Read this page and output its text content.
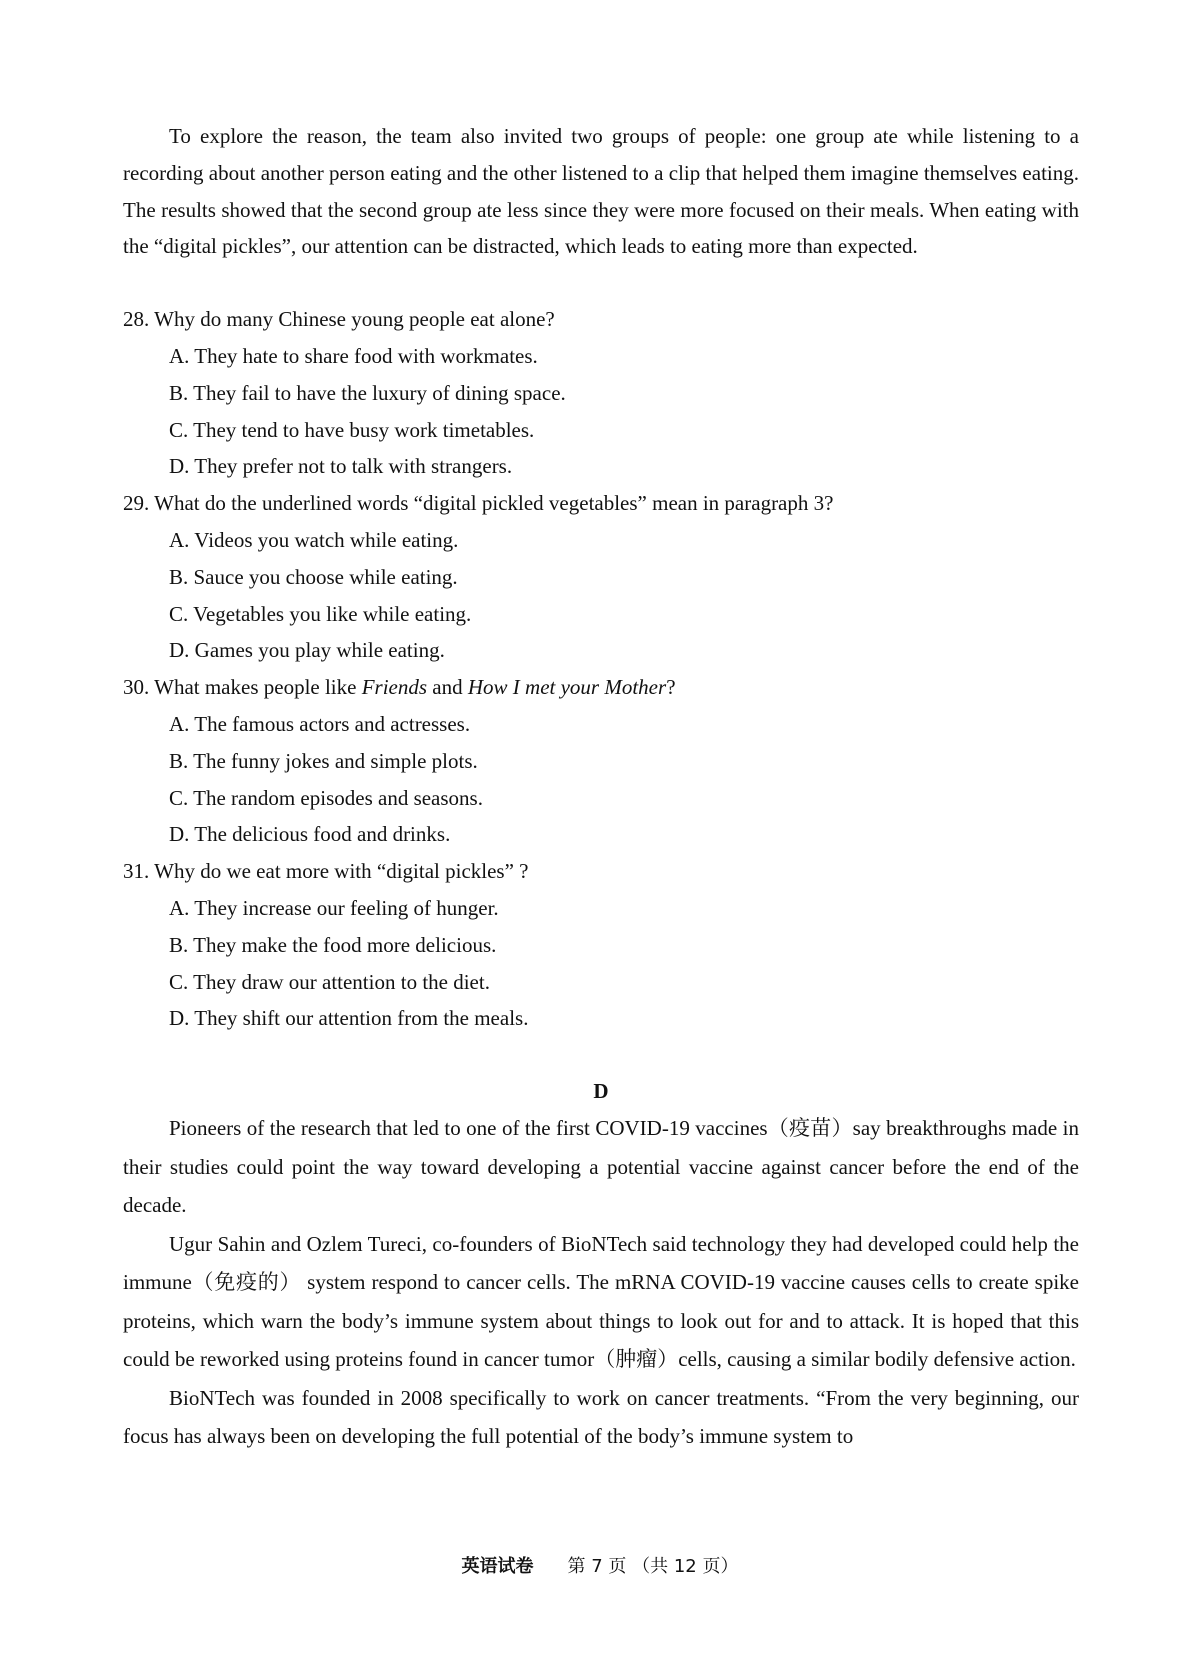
To explore the reason, the team also invited two groups of people: one group ate while listening to a recording about another person eating and the other listened to a clip that helped them imagine themselves eating. The results showed that the second group ate less since they were more focused on their meals. When eating with the “digital pickles”, our attention can be distracted, which leads to eating more than expected.

28. Why do many Chinese young people eat alone?

A. They hate to share food with workmates.

B. They fail to have the luxury of dining space.

C. They tend to have busy work timetables.

D. They prefer not to talk with strangers.

29. What do the underlined words “digital pickled vegetables” mean in paragraph 3?

A. Videos you watch while eating.

B. Sauce you choose while eating.

C. Vegetables you like while eating.

D. Games you play while eating.

30. What makes people like Friends and How I met your Mother?

A. The famous actors and actresses.

B. The funny jokes and simple plots.

C. The random episodes and seasons.

D. The delicious food and drinks.

31. Why do we eat more with “digital pickles” ?

A. They increase our feeling of hunger.

B. They make the food more delicious.

C. They draw our attention to the diet.

D. They shift our attention from the meals.

D

Pioneers of the research that led to one of the first COVID-19 vaccines（疫苗）say breakthroughs made in their studies could point the way toward developing a potential vaccine against cancer before the end of the decade.

Ugur Sahin and Ozlem Tureci, co-founders of BioNTech said technology they had developed could help the immune（免疫的） system respond to cancer cells. The mRNA COVID-19 vaccine causes cells to create spike proteins, which warn the body’s immune system about things to look out for and to attack. It is hoped that this could be reworked using proteins found in cancer tumor（肿瘤）cells, causing a similar bodily defensive action.

BioNTech was founded in 2008 specifically to work on cancer treatments. “From the very beginning, our focus has always been on developing the full potential of the body’s immune system to

英语试卷 第 7 页 （共 12 页）
